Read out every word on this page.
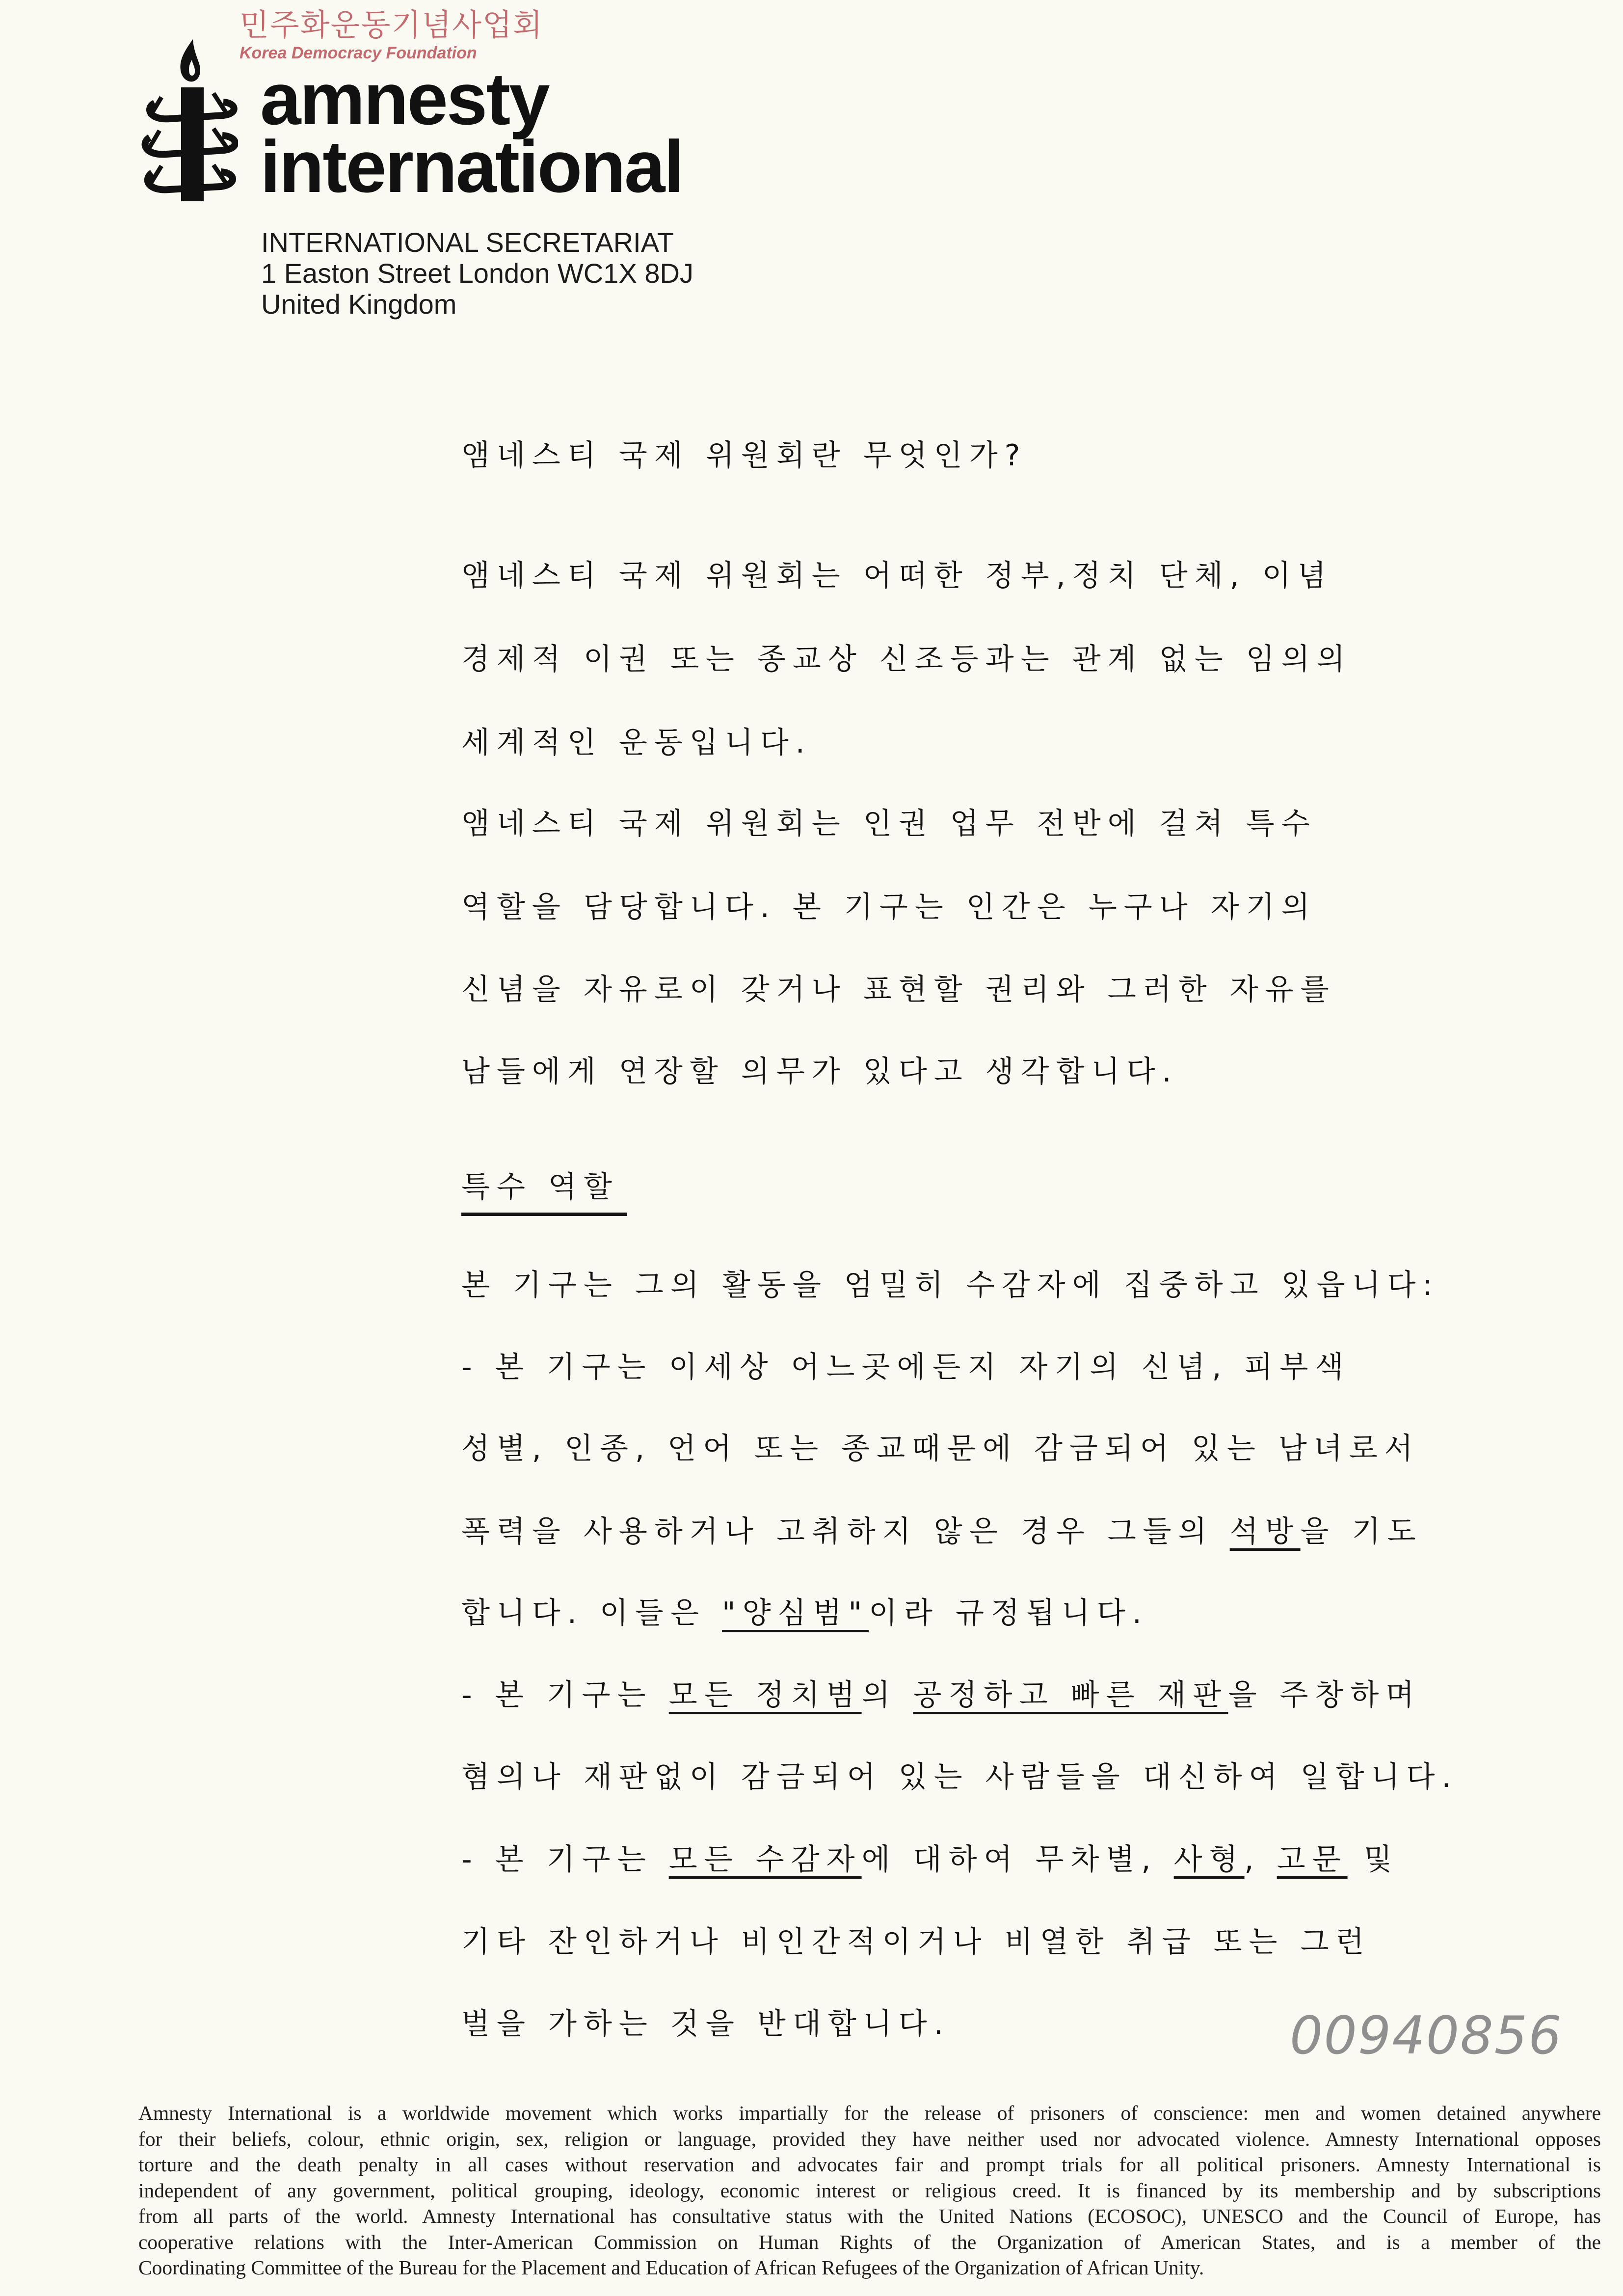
민주화운동기념사업회
Korea Democracy Foundation
amnesty
international
INTERNATIONAL SECRETARIAT
1 Easton Street London WC1X 8DJ
United Kingdom
앰네스티 국제 위원회란 무엇인가?
앰네스티 국제 위원회는 어떠한 정부,정치 단체, 이념
경제적 이권 또는 종교상 신조등과는 관계 없는 임의의
세계적인 운동입니다.
앰네스티 국제 위원회는 인권 업무 전반에 걸쳐 특수
역할을 담당합니다. 본 기구는 인간은 누구나 자기의
신념을 자유로이 갖거나 표현할 권리와 그러한 자유를
남들에게 연장할 의무가 있다고 생각합니다.
특수 역할
본 기구는 그의 활동을 엄밀히 수감자에 집중하고 있읍니다:
- 본 기구는 이세상 어느곳에든지 자기의 신념, 피부색
성별, 인종, 언어 또는 종교때문에 감금되어 있는 남녀로서
폭력을 사용하거나 고취하지 않은 경우 그들의 석방을 기도
합니다. 이들은 "양심범"이라 규정됩니다.
- 본 기구는 모든 정치범의 공정하고 빠른 재판을 주창하며
혐의나 재판없이 감금되어 있는 사람들을 대신하여 일합니다.
- 본 기구는 모든 수감자에 대하여 무차별, 사형, 고문 및
기타 잔인하거나 비인간적이거나 비열한 취급 또는 그런
벌을 가하는 것을 반대합니다.	00940856
Amnesty International is a worldwide movement which works impartially for the release of prisoners of conscience: men and women detained anywhere
for their beliefs, colour, ethnic origin, sex, religion or language, provided they have neither used nor advocated violence. Amnesty International opposes
torture and the death penalty in all cases without reservation and advocates fair and prompt trials for all political prisoners. Amnesty International is
independent of any government, political grouping, ideology, economic interest or religious creed. It is financed by its membership and by subscriptions
from all parts of the world. Amnesty International has consultative status with the United Nations (ECOSOC), UNESCO and the Council of Europe, has
cooperative relations with the Inter-American Commission on Human Rights of the Organization of American States, and is a member of the
Coordinating Committee of the Bureau for the Placement and Education of African Refugees of the Organization of African Unity.
